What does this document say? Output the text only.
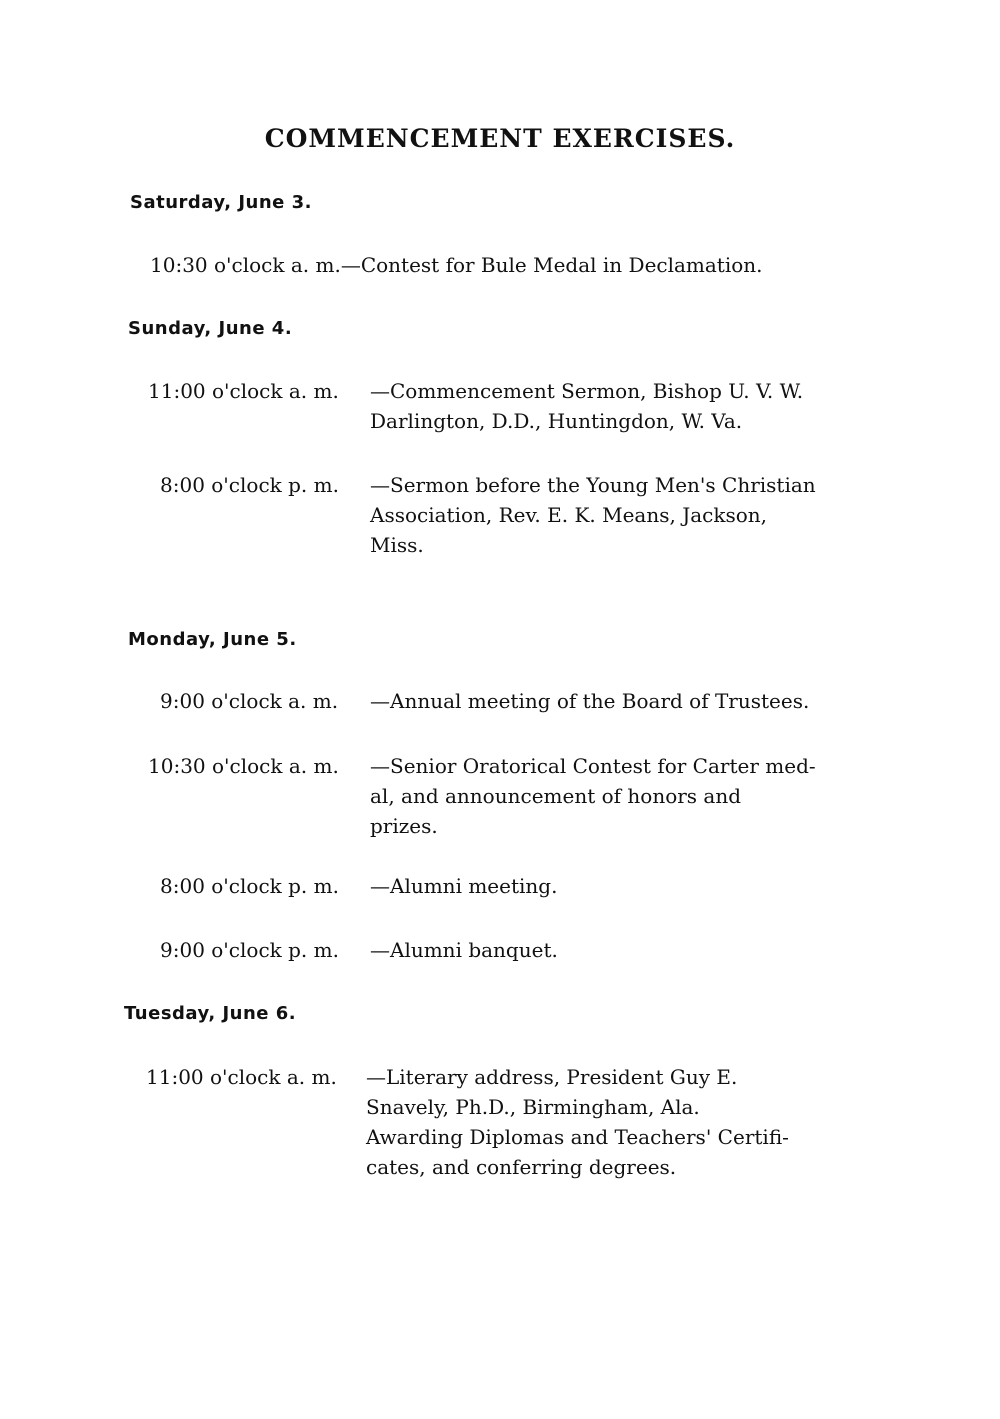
COMMENCEMENT EXERCISES.
Saturday, June 3.
10:30 o'clock a. m.—Contest for Bule Medal in Declamation.
Sunday, June 4.
11:00 o'clock a. m. —Commencement Sermon, Bishop U. V. W.
Darlington, D.D., Huntingdon, W. Va.
8:00 o'clock p. m. —Sermon before the Young Men's Christian
Association, Rev. E. K. Means, Jackson,
Miss.
Monday, June 5.
9:00 o'clock a. m. —Annual meeting of the Board of Trustees.
10:30 o'clock a. m. —Senior Oratorical Contest for Carter med-
al, and announcement of honors and
prizes.
8:00 o'clock p. m. —Alumni meeting.
9:00 o'clock p. m. —Alumni banquet.
Tuesday, June 6.
11:00 o'clock a. m. —Literary address, President Guy E.
Snavely, Ph.D., Birmingham, Ala.
Awarding Diplomas and Teachers' Certifi-
cates, and conferring degrees.
